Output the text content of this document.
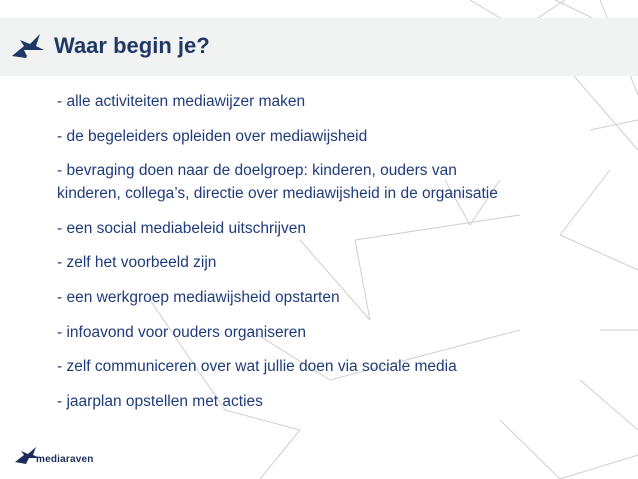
Waar begin je?
- alle activiteiten mediawijzer maken
- de begeleiders opleiden over mediawijsheid
- bevraging doen naar de doelgroep: kinderen, ouders van
kinderen, collega’s, directie over mediawijsheid in de organisatie
- een social mediabeleid uitschrijven
- zelf het voorbeeld zijn
- een werkgroep mediawijsheid opstarten
- infoavond voor ouders organiseren
- zelf communiceren over wat jullie doen via sociale media
- jaarplan opstellen met acties
mediaraven
